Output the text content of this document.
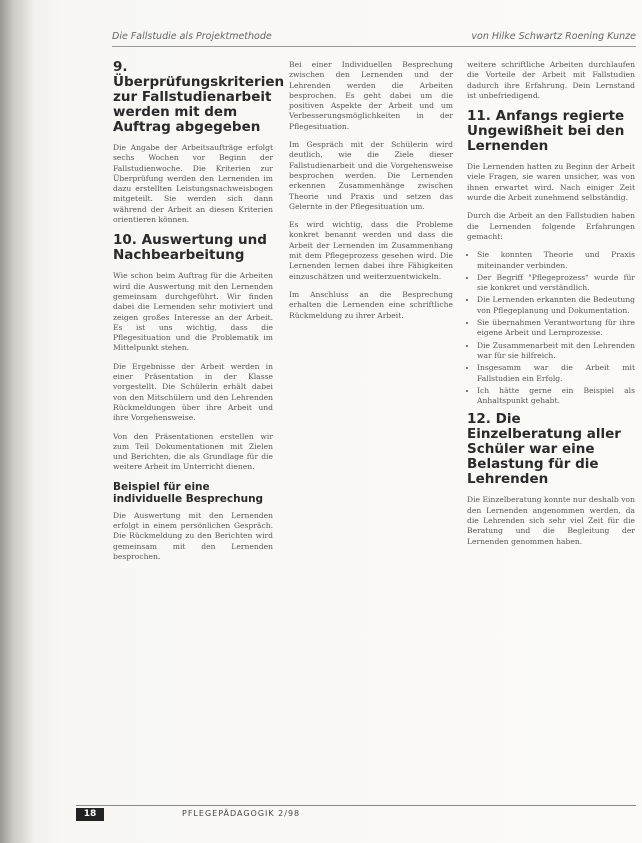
Die Fallstudie als Projektmethode	von Hilke Schwartz Roening Kunze
9. Überprüfungskriterien zur Fallstudienarbeit werden mit dem Auftrag abgegeben

Die Angabe der Arbeitsaufträge erfolgt sechs Wochen vor Beginn der Fallstudienwoche. Die Kriterien zur Überprüfung werden den Lernenden im dazu erstellten Leistungsnachweisbogen mitgeteilt. Sie werden sich dann während der Arbeit an diesen Kriterien orientieren können.

10. Auswertung und Nachbearbeitung

Wie schon beim Auftrag für die Arbeiten wird die Auswertung mit den Lernenden gemeinsam durchgeführt. Wir finden dabei die Lernenden sehr motiviert und zeigen großes Interesse an der Arbeit. Es ist uns wichtig, dass die Pflegesituation und die Problematik im Mittelpunkt stehen.

Die Ergebnisse der Arbeit werden in einer Präsentation in der Klasse vorgestellt. Die Schülerin erhält dabei von den Mitschülern und den Lehrenden Rückmeldungen über ihre Arbeit und ihre Vorgehensweise.

Von den Präsentationen erstellen wir zum Teil Dokumentationen mit Zielen und Berichten, die als Grundlage für die weitere Arbeit im Unterricht dienen.

Beispiel für eine individuelle Besprechung

Die Auswertung mit den Lernenden erfolgt in einem persönlichen Gespräch. Die Rückmeldung zu den Berichten wird gemeinsam mit den Lernenden besprochen.

Bei einer Individuellen Besprechung zwischen den Lernenden und der Lehrenden werden die Arbeiten besprochen. Es geht dabei um die positiven Aspekte der Arbeit und um Verbesserungsmöglichkeiten in der Pflegesituation.

Im Gespräch mit der Schülerin wird deutlich, wie die Ziele dieser Fallstudienarbeit und die Vorgehensweise besprochen werden. Die Lernenden erkennen Zusammenhänge zwischen Theorie und Praxis und setzen das Gelernte in der Pflegesituation um.

Es wird wichtig, dass die Probleme konkret benannt werden und dass die Arbeit der Lernenden im Zusammenhang mit dem Pflegeprozess gesehen wird. Die Lernenden lernen dabei ihre Fähigkeiten einzuschätzen und weiterzuentwickeln.

Im Anschluss an die Besprechung erhalten die Lernenden eine schriftliche Rückmeldung zu ihrer Arbeit.

weitere schriftliche Arbeiten durchlaufen die Vorteile der Arbeit mit Fallstudien dadurch ihre Erfahrung. Dein Lernstand ist unbefriedigend.

11. Anfangs regierte Ungewißheit bei den Lernenden

Die Lernenden hatten zu Beginn der Arbeit viele Fragen, sie waren unsicher, was von ihnen erwartet wird. Nach einiger Zeit wurde die Arbeit zunehmend selbständig.

Durch die Arbeit an den Fallstudien haben die Lernenden folgende Erfahrungen gemacht:

• Sie konnten Theorie und Praxis miteinander verbinden.
• Der Begriff "Pflegeprozess" wurde für sie konkret und verständlich.
• Die Lernenden erkannten die Bedeutung von Pflegeplanung und Dokumentation.
• Sie übernahmen Verantwortung für ihre eigene Arbeit und Lernprozesse.
• Die Zusammenarbeit mit den Lehrenden war für sie hilfreich.
• Insgesamm war die Arbeit mit Fallstudien ein Erfolg.
• Ich hätte gerne ein Beispiel als Anhaltspunkt gehabt.
12. Die Einzelberatung aller Schüler war eine Belastung für die Lehrenden

Die Einzelberatung konnte nur deshalb von den Lernenden angenommen werden, da die Lehrenden sich sehr viel Zeit für die Beratung und die Begleitung der Lernenden genommen haben.

18	PFLEGEPÄDAGOGIK 2/98
